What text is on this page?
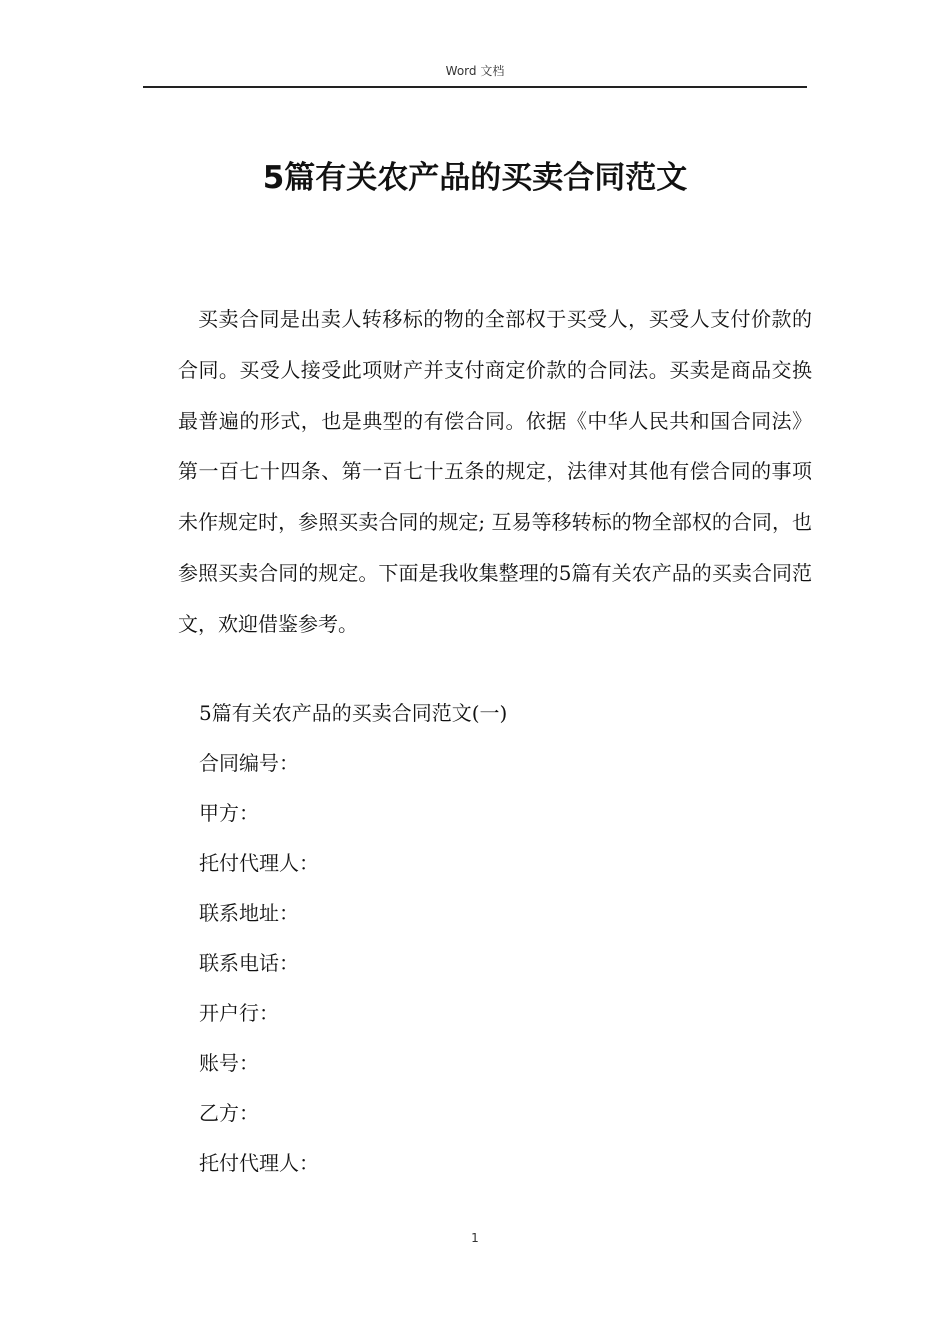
Word 文档
5篇有关农产品的买卖合同范文

买卖合同是出卖人转移标的物的全部权于买受人，买受人支付价款的合同。买受人接受此项财产并支付商定价款的合同法。买卖是商品交换最普遍的形式，也是典型的有偿合同。依据《中华人民共和国合同法》第一百七十四条、第一百七十五条的规定，法律对其他有偿合同的事项未作规定时，参照买卖合同的规定; 互易等移转标的物全部权的合同，也参照买卖合同的规定。下面是我收集整理的5篇有关农产品的买卖合同范文，欢迎借鉴参考。

5篇有关农产品的买卖合同范文(一)
合同编号：
甲方：
托付代理人：
联系地址：
联系电话：
开户行：
账号：
乙方：
托付代理人：
1
